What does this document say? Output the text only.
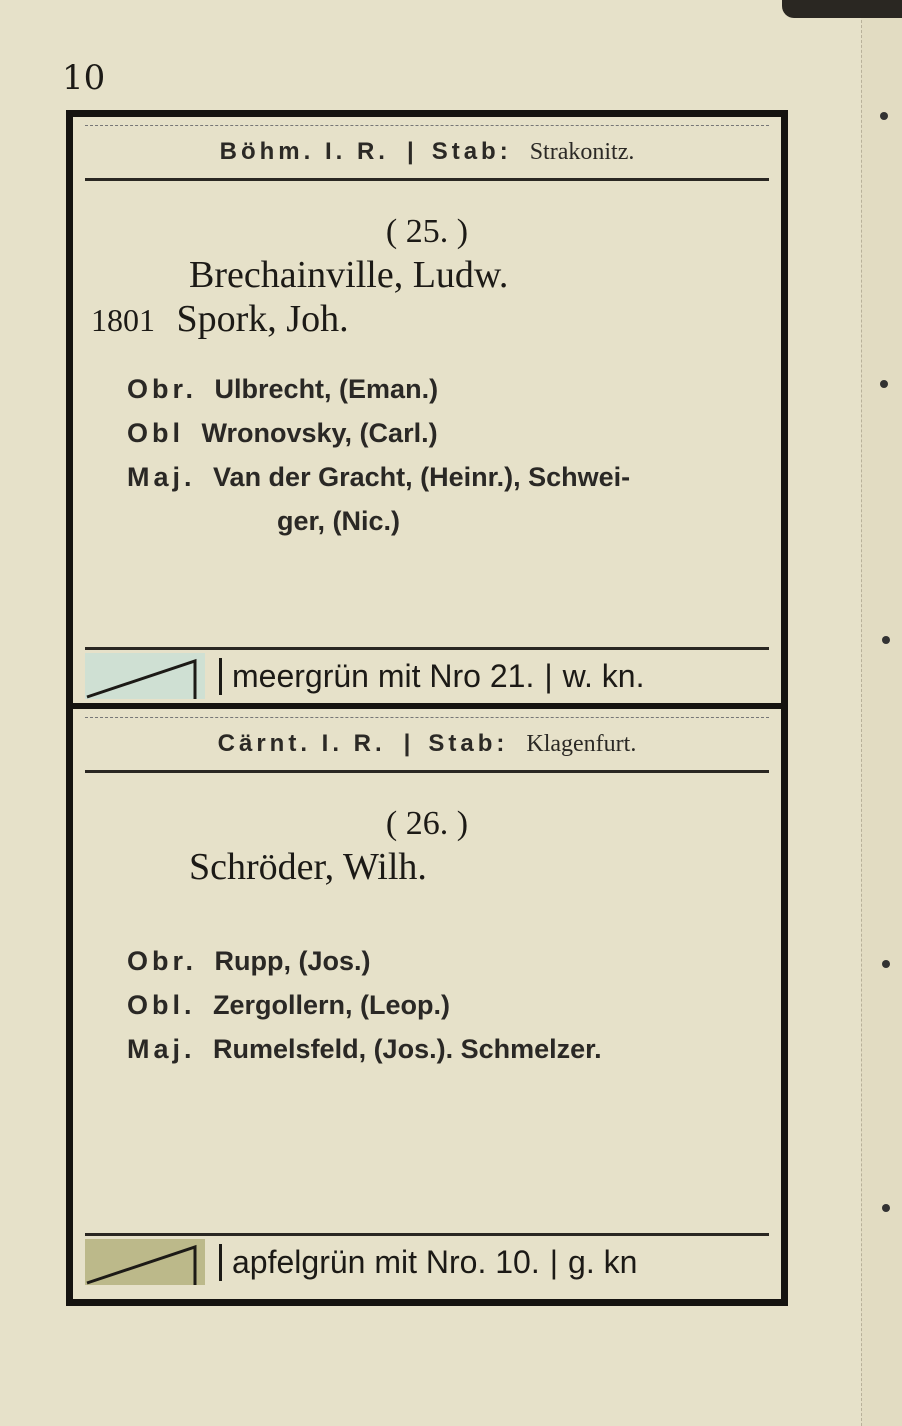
10
Böhm. I. R. | Stab: Strakonitz.
( 25. )
Brechainville, Ludw.
1801 Spork, Joh.
Obr. Ulbrecht, (Eman.)
Obl Wronovsky, (Carl.)
Maj. Van der Gracht, (Heinr.), Schwei-
ger, (Nic.)
meergrün mit Nro 21. | w. kn.
Cärnt. I. R. | Stab: Klagenfurt.
( 26. )
Schröder, Wilh.
Obr. Rupp, (Jos.)
Obl. Zergollern, (Leop.)
Maj. Rumelsfeld, (Jos.). Schmelzer.
apfelgrün mit Nro. 10. | g. kn
